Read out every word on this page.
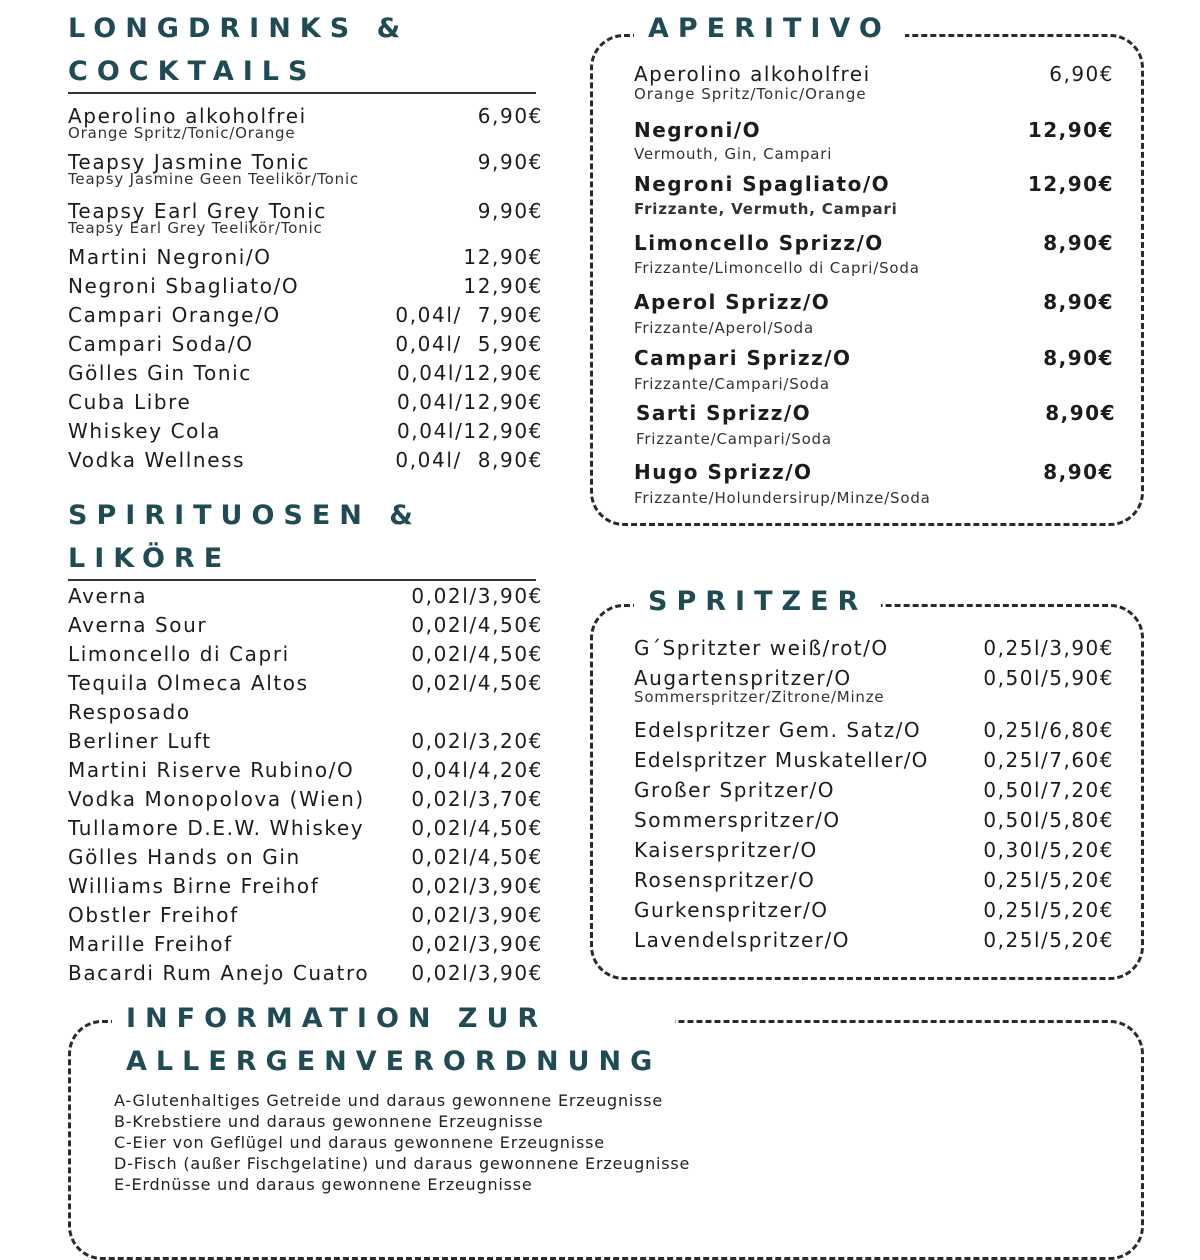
LONGDRINKS &
COCKTAILS
Aperolino alkoholfrei	6,90€
Orange Spritz/Tonic/Orange
Teapsy Jasmine Tonic	9,90€
Teapsy Jasmine Geen Teelikör/Tonic
Teapsy Earl Grey Tonic	9,90€
Teapsy Earl Grey Teelikör/Tonic
Martini Negroni/O	12,90€
Negroni Sbagliato/O	12,90€
Campari Orange/O	0,04l/  7,90€
Campari Soda/O	0,04l/  5,90€
Gölles Gin Tonic	0,04l/12,90€
Cuba Libre	0,04l/12,90€
Whiskey Cola	0,04l/12,90€
Vodka Wellness	0,04l/  8,90€
SPIRITUOSEN &
LIKÖRE
Averna	0,02l/3,90€
Averna Sour	0,02l/4,50€
Limoncello di Capri	0,02l/4,50€
Tequila Olmeca Altos	0,02l/4,50€
Resposado
Berliner Luft	0,02l/3,20€
Martini Riserve Rubino/O	0,04l/4,20€
Vodka Monopolova (Wien) 0,02l/3,70€
Tullamore D.E.W. Whiskey 0,02l/4,50€
Gölles Hands on Gin	0,02l/4,50€
Williams Birne Freihof	0,02l/3,90€
Obstler Freihof	0,02l/3,90€
Marille Freihof	0,02l/3,90€
Bacardi Rum Anejo Cuatro 0,02l/3,90€
APERITIVO
Aperolino alkoholfrei	6,90€
Orange Spritz/Tonic/Orange
Negroni/O	12,90€
Vermouth, Gin, Campari
Negroni Spagliato/O	12,90€
Frizzante, Vermuth, Campari
Limoncello Sprizz/O	8,90€
Frizzante/Limoncello di Capri/Soda
Aperol Sprizz/O	8,90€
Frizzante/Aperol/Soda
Campari Sprizz/O	8,90€
Frizzante/Campari/Soda
Sarti Sprizz/O	8,90€
Frizzante/Campari/Soda
Hugo Sprizz/O	8,90€
Frizzante/Holundersirup/Minze/Soda
SPRITZER
G´Spritzter weiß/rot/O	0,25l/3,90€
Augartenspritzer/O	0,50l/5,90€
Sommerspritzer/Zitrone/Minze
Edelspritzer Gem. Satz/O	0,25l/6,80€
Edelspritzer Muskateller/O	0,25l/7,60€
Großer Spritzer/O	0,50l/7,20€
Sommerspritzer/O	0,50l/5,80€
Kaiserspritzer/O	0,30l/5,20€
Rosenspritzer/O	0,25l/5,20€
Gurkenspritzer/O	0,25l/5,20€
Lavendelspritzer/O	0,25l/5,20€
INFORMATION ZUR
ALLERGENVERORDNUNG
A-Glutenhaltiges Getreide und daraus gewonnene Erzeugnisse
B-Krebstiere und daraus gewonnene Erzeugnisse
C-Eier von Geflügel und daraus gewonnene Erzeugnisse
D-Fisch (außer Fischgelatine) und daraus gewonnene Erzeugnisse
E-Erdnüsse und daraus gewonnene Erzeugnisse
